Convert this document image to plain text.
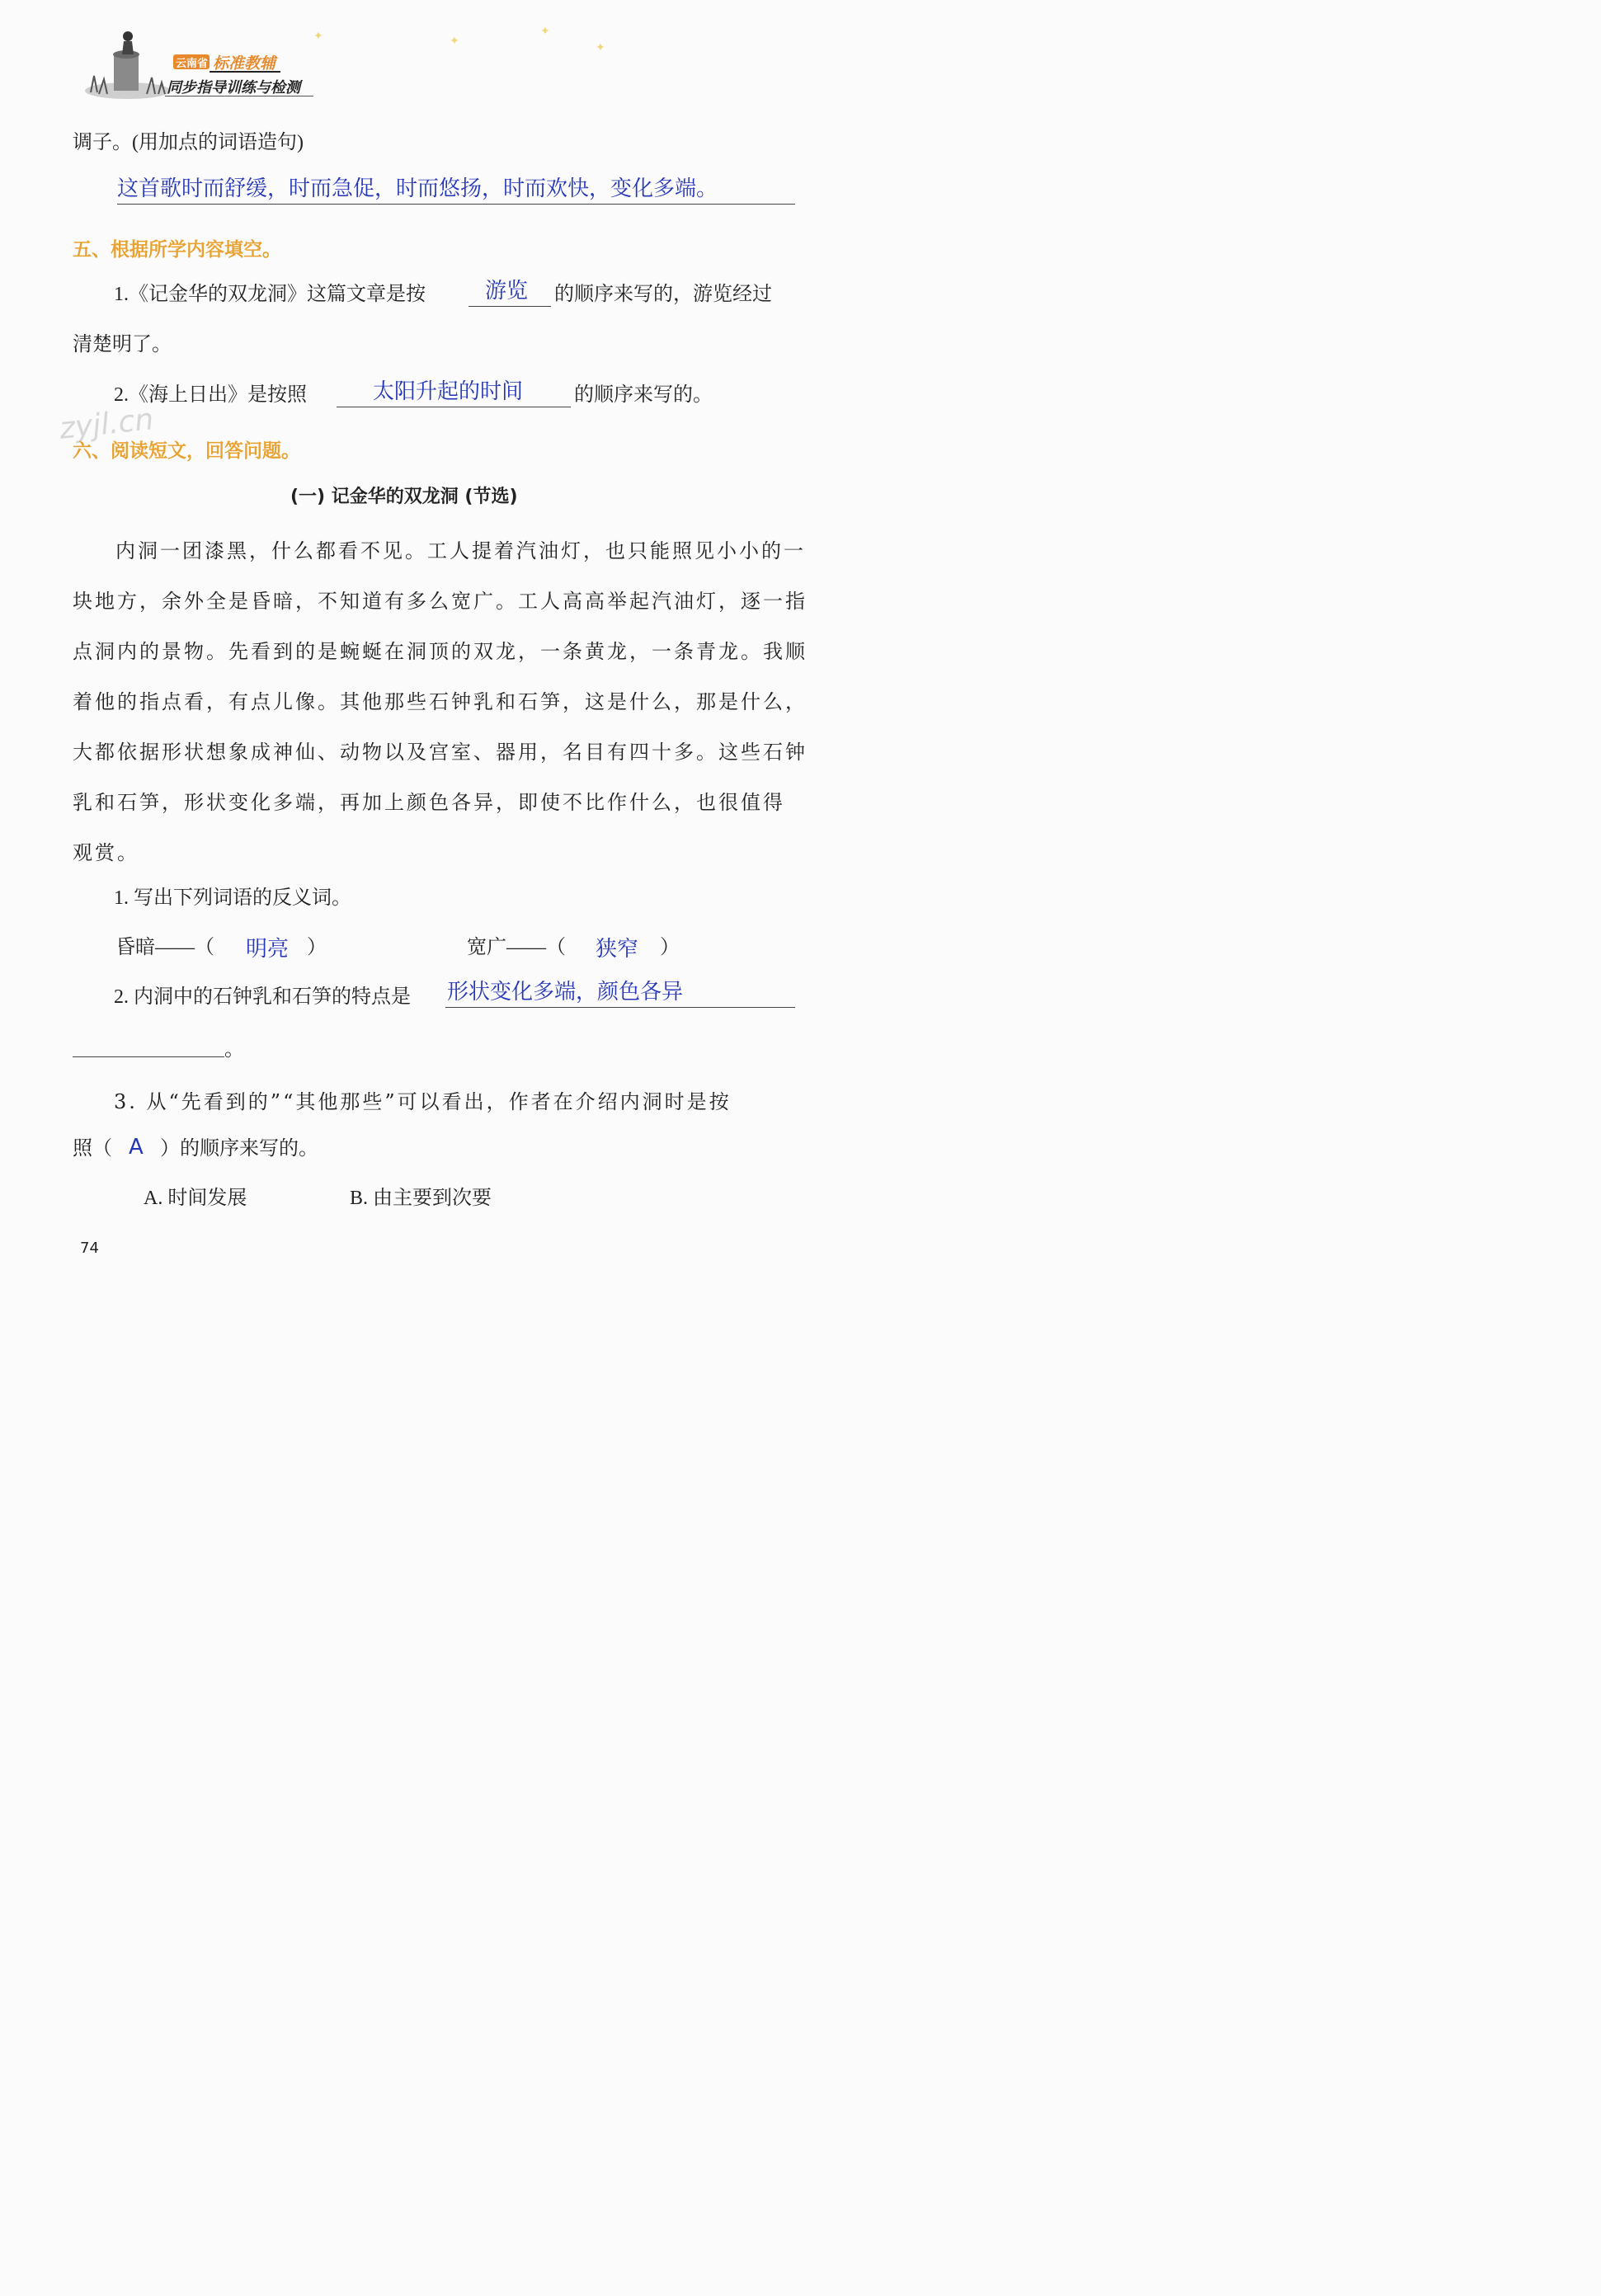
云南省 标准教辅
同步指导训练与检测
✦	✦
✦
✦
调子。(用加点的词语造句)
这首歌时而舒缓，时而急促，时而悠扬，时而欢快，变化多端。
五、根据所学内容填空。
1.《记金华的双龙洞》这篇文章是按	游览 的顺序来写的，游览经过
清楚明了。
2.《海上日出》是按照	太阳升起的时间	的顺序来写的。
zyjl.cn
六、阅读短文，回答问题。
(一) 记金华的双龙洞 (节选)
内洞一团漆黑，什么都看不见。工人提着汽油灯，也只能照见小小的一
块地方，余外全是昏暗，不知道有多么宽广。工人高高举起汽油灯，逐一指
点洞内的景物。先看到的是蜿蜒在洞顶的双龙，一条黄龙，一条青龙。我顺
着他的指点看，有点儿像。其他那些石钟乳和石笋，这是什么，那是什么，
大都依据形状想象成神仙、动物以及宫室、器用，名目有四十多。这些石钟
乳和石笋，形状变化多端，再加上颜色各异，即使不比作什么，也很值得
观赏。
1. 写出下列词语的反义词。
昏暗——（ 明亮 ）	宽广——（ 狭窄 ）
2. 内洞中的石钟乳和石笋的特点是 形状变化多端，颜色各异
。
3. 从“先看到的”“其他那些”可以看出，作者在介绍内洞时是按
照（ A ）的顺序来写的。
A. 时间发展	B. 由主要到次要
74
